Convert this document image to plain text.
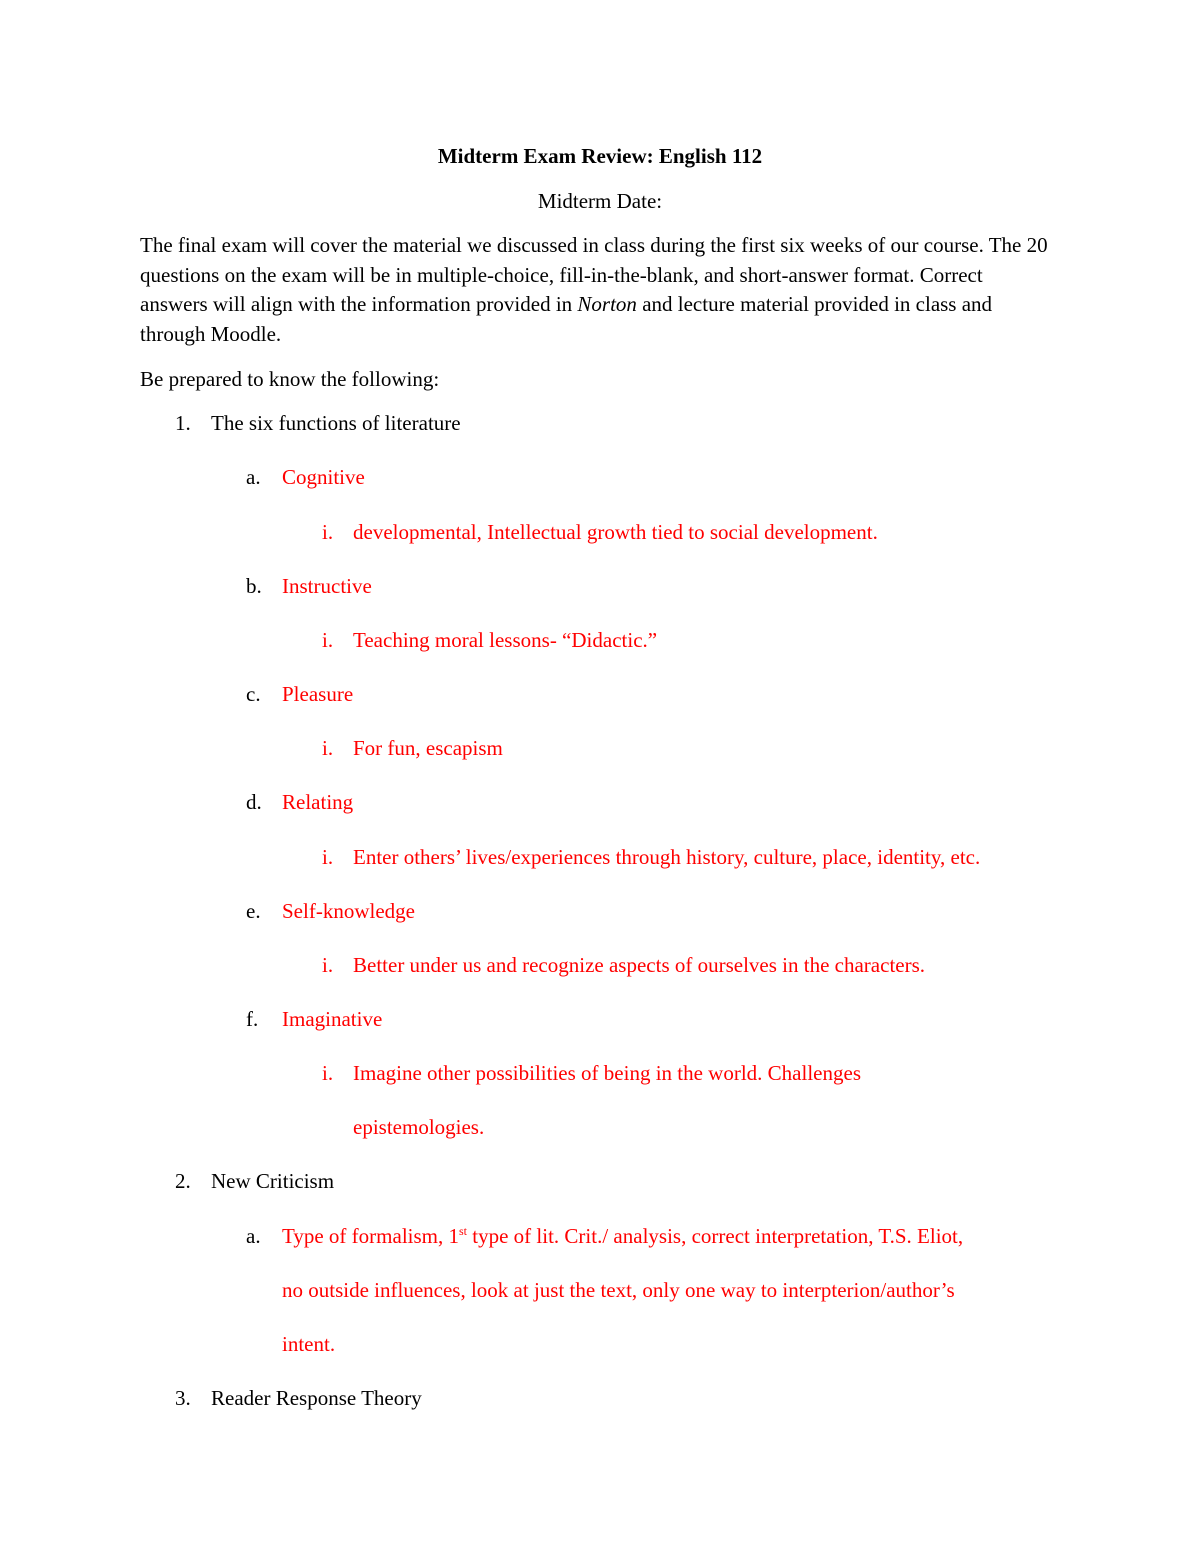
Midterm Exam Review: English 112
Midterm Date:
The final exam will cover the material we discussed in class during the first six weeks of our course. The 20 questions on the exam will be in multiple-choice, fill-in-the-blank, and short-answer format. Correct answers will align with the information provided in Norton and lecture material provided in class and through Moodle.
Be prepared to know the following:
1. The six functions of literature
a. Cognitive
i. developmental, Intellectual growth tied to social development.
b. Instructive
i. Teaching moral lessons- “Didactic.”
c. Pleasure
i. For fun, escapism
d. Relating
i. Enter others’ lives/experiences through history, culture, place, identity, etc.
e. Self-knowledge
i. Better under us and recognize aspects of ourselves in the characters.
f. Imaginative
i. Imagine other possibilities of being in the world. Challenges
epistemologies.
2. New Criticism
a. Type of formalism, 1st type of lit. Crit./ analysis, correct interpretation, T.S. Eliot,
no outside influences, look at just the text, only one way to interpterion/author’s
intent.
3. Reader Response Theory
